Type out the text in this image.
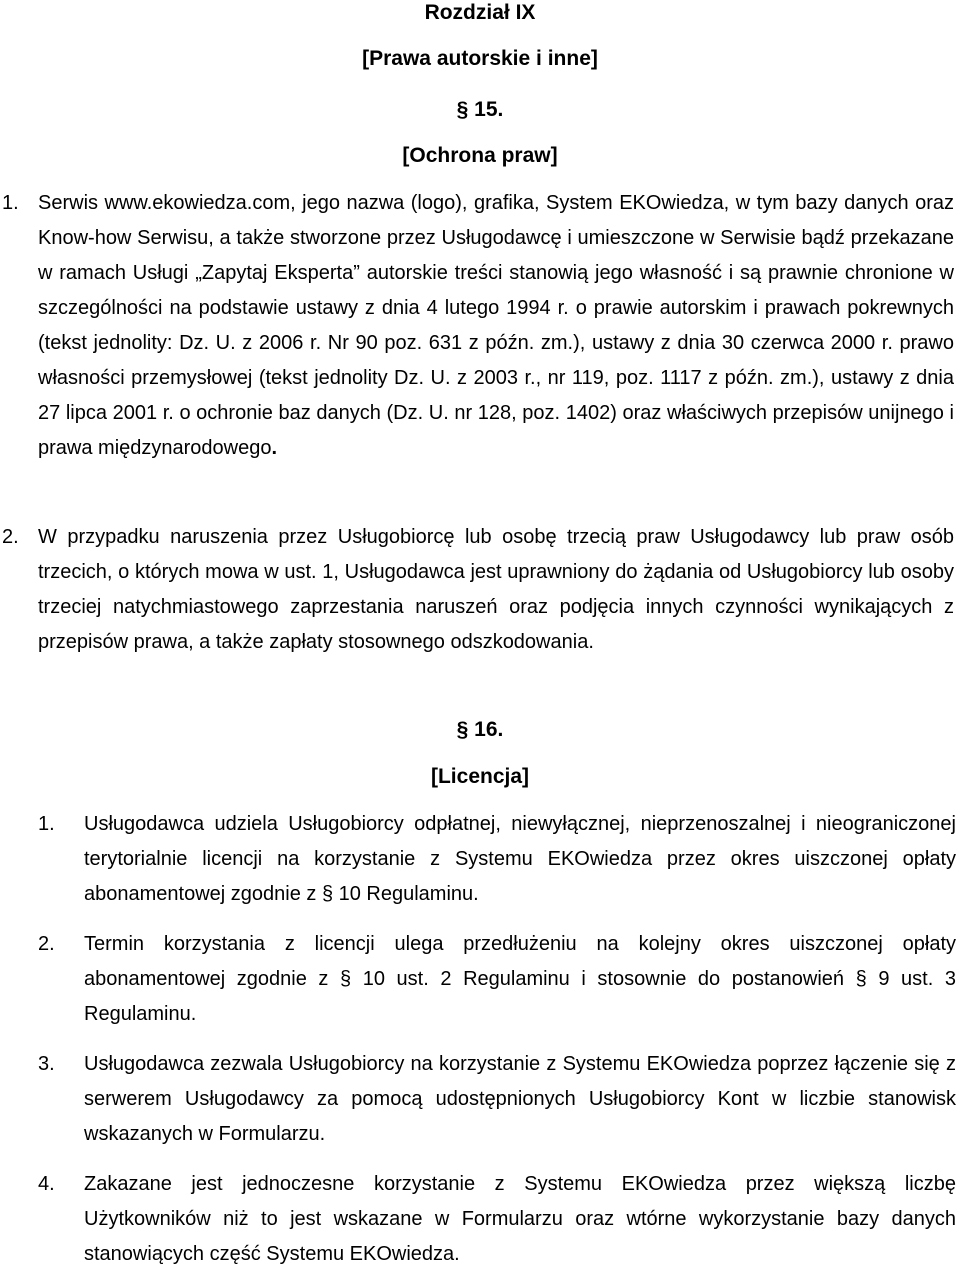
Rozdział IX
[Prawa autorskie i inne]
§ 15.
[Ochrona praw]

1. Serwis www.ekowiedza.com, jego nazwa (logo), grafika, System EKOwiedza, w tym bazy danych oraz Know-how Serwisu, a także stworzone przez Usługodawcę i umieszczone w Serwisie bądź przekazane w ramach Usługi „Zapytaj Eksperta” autorskie treści stanowią jego własność i są prawnie chronione w szczególności na podstawie ustawy z dnia 4 lutego 1994 r. o prawie autorskim i prawach pokrewnych (tekst jednolity: Dz. U. z 2006 r. Nr 90 poz. 631 z późn. zm.), ustawy z dnia 30 czerwca 2000 r. prawo własności przemysłowej (tekst jednolity Dz. U. z 2003 r., nr 119, poz. 1117 z późn. zm.), ustawy z dnia 27 lipca 2001 r. o ochronie baz danych (Dz. U. nr 128, poz. 1402) oraz właściwych przepisów unijnego i prawa międzynarodowego.

2. W przypadku naruszenia przez Usługobiorcę lub osobę trzecią praw Usługodawcy lub praw osób trzecich, o których mowa w ust. 1, Usługodawca jest uprawniony do żądania od Usługobiorcy lub osoby trzeciej natychmiastowego zaprzestania naruszeń oraz podjęcia innych czynności wynikających z przepisów prawa, a także zapłaty stosownego odszkodowania.

§ 16.
[Licencja]

1. Usługodawca udziela Usługobiorcy odpłatnej, niewyłącznej, nieprzenoszalnej i nieograniczonej terytorialnie licencji na korzystanie z Systemu EKOwiedza przez okres uiszczonej opłaty abonamentowej zgodnie z § 10 Regulaminu.

2. Termin korzystania z licencji ulega przedłużeniu na kolejny okres uiszczonej opłaty abonamentowej zgodnie z § 10 ust. 2 Regulaminu i stosownie do postanowień § 9 ust. 3 Regulaminu.

3. Usługodawca zezwala Usługobiorcy na korzystanie z Systemu EKOwiedza poprzez łączenie się z serwerem Usługodawcy za pomocą udostępnionych Usługobiorcy Kont w liczbie stanowisk wskazanych w Formularzu.

4. Zakazane jest jednoczesne korzystanie z Systemu EKOwiedza przez większą liczbę Użytkowników niż to jest wskazane w Formularzu oraz wtórne wykorzystanie bazy danych stanowiących część Systemu EKOwiedza.
